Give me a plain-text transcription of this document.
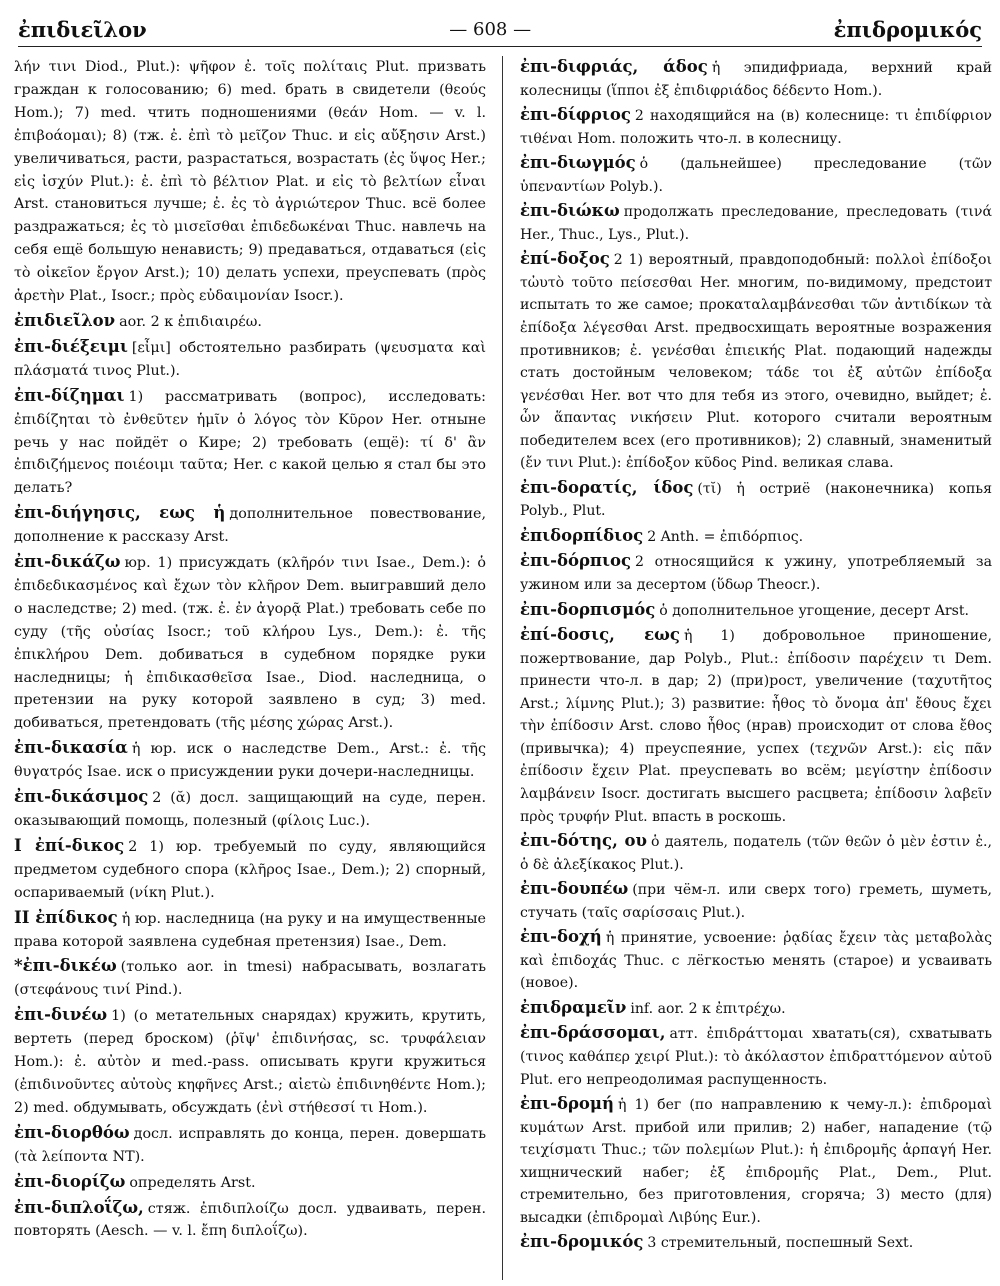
ἐπιδιεῖλον	— 608 —	ἐπιδρομικός
λήν τινι Diod., Plut.): ψῆφον ἐ. τοῖς πολίταις Plut. призвать граждан к голосованию; 6) med. брать в свидетели (θεούς Hom.); 7) med. чтить подношениями (θεάν Hom. — v. l. ἐπιβοάομαι); 8) (тж. ἐ. ἐπὶ τὸ μεῖζον Thuc. и εἰς αὔξησιν Arst.) увеличиваться, расти, разрастаться, возрастать (ἐς ὕψος Her.; εἰς ἰσχύν Plut.): ἐ. ἐπὶ τὸ βέλτιον Plat. и εἰς τὸ βελτίων εἶναι Arst. становиться лучше; ἐ. ἐς τὸ ἀγριώτερον Thuc. всё более раздражаться; ἐς τὸ μισεῖσθαι ἐπιδεδωκέναι Thuc. навлечь на себя ещё большую ненависть; 9) предаваться, отдаваться (εἰς τὸ οἰκεῖον ἔργον Arst.); 10) делать успехи, преуспевать (πρὸς ἀρετὴν Plat., Isocr.; πρὸς εὐδαιμονίαν Isocr.).
ἐπιδιεῖλον aor. 2 к ἐπιδιαιρέω.
ἐπι-διέξειμι [εἶμι] обстоятельно разбирать (ψευσματα καὶ πλάσματά τινος Plut.).
ἐπι-δίζημαι 1) рассматривать (вопрос), исследовать: ἐπιδίζηται τὸ ἐνθεῦτεν ἡμῖν ὁ λόγος τὸν Κῦρον Her. отныне речь у нас пойдёт о Кире; 2) требовать (ещё): τί δ' ἂν ἐπιδιζήμενος ποιέοιμι ταῦτα; Her. с какой целью я стал бы это делать?
ἐπι-διήγησις, εως ἡ дополнительное повествование, дополнение к рассказу Arst.
ἐπι-δικάζω юр. 1) присуждать (κλῆρόν τινι Isae., Dem.): ὁ ἐπιδεδικασμένος καὶ ἔχων τὸν κλῆρον Dem. выигравший дело о наследстве; 2) med. (тж. ἐ. ἐν ἀγορᾷ Plat.) требовать себе по суду (τῆς οὐσίας Isocr.; τοῦ κλήρου Lys., Dem.): ἐ. τῆς ἐπικλήρου Dem. добиваться в судебном порядке руки наследницы; ἡ ἐπιδικασθεῖσα Isae., Diod. наследница, о претензии на руку которой заявлено в суд; 3) med. добиваться, претендовать (τῆς μέσης χώρας Arst.).
ἐπι-δικασία ἡ юр. иск о наследстве Dem., Arst.: ἐ. τῆς θυγατρός Isae. иск о присуждении руки дочери-наследницы.
ἐπι-δικάσιμος 2 (ᾰ) досл. защищающий на суде, перен. оказывающий помощь, полезный (φίλοις Luc.).
I ἐπί-δικος 2 1) юр. требуемый по суду, являющийся предметом судебного спора (κλῆρος Isae., Dem.); 2) спорный, оспариваемый (νίκη Plut.).
II ἐπίδικος ἡ юр. наследница (на руку и на имущественные права которой заявлена судебная претензия) Isae., Dem.
*ἐπι-δικέω (только aor. in tmesi) набрасывать, возлагать (στεφάνους τινί Pind.).
ἐπι-δινέω 1) (о метательных снарядах) кружить, крутить, вертеть (перед броском) (ῥῖψ' ἐπιδινήσας, sc. τρυφάλειαν Hom.): ἐ. αὐτὸν и med.-pass. описывать круги кружиться (ἐπιδινοῦντες αὐτοὺς κηφῆνες Arst.; αἰετὼ ἐπιδινηθέντε Hom.); 2) med. обдумывать, обсуждать (ἐνὶ στήθεσσί τι Hom.).
ἐπι-διορθόω досл. исправлять до конца, перен. довершать (τὰ λείποντα NT).
ἐπι-διορίζω определять Arst.
ἐπι-διπλοΐζω, стяж. ἐπιδιπλοίζω досл. удваивать, перен. повторять (Aesch. — v. l. ἔπη διπλοΐζω).
ἐπι-διφριάς, άδος ἡ эпидифриада, верхний край колесницы (ἵπποι ἐξ ἐπιδιφριάδος δέδεντο Hom.).
ἐπι-δίφριος 2 находящийся на (в) колеснице: τι ἐπιδίφριον τιθέναι Hom. положить что-л. в колесницу.
ἐπι-διωγμός ὁ (дальнейшее) преследование (τῶν ὑπεναντίων Polyb.).
ἐπι-διώκω продолжать преследование, преследовать (τινά Her., Thuc., Lys., Plut.).
ἐπί-δοξος 2 1) вероятный, правдоподобный: πολλοὶ ἐπίδοξοι τὠυτὸ τοῦτο πείσεσθαι Her. многим, по-видимому, предстоит испытать то же самое; προκαταλαμβάνεσθαι τῶν ἀντιδίκων τὰ ἐπίδοξα λέγεσθαι Arst. предвосхищать вероятные возражения противников; ἐ. γενέσθαι ἐπιεικής Plat. подающий надежды стать достойным человеком; τάδε τοι ἐξ αὐτῶν ἐπίδοξα γενέσθαι Her. вот что для тебя из этого, очевидно, выйдет; ἐ. ὧν ἅπαντας νικήσειν Plut. которого считали вероятным победителем всех (его противников); 2) славный, знаменитый (ἔν τινι Plut.): ἐπίδοξον κῦδος Pind. великая слава.
ἐπι-δορατίς, ίδος (τῐ) ἡ остриё (наконечника) копья Polyb., Plut.
ἐπιδορπίδιος 2 Anth. = ἐπιδόρπιος.
ἐπι-δόρπιος 2 относящийся к ужину, употребляемый за ужином или за десертом (ὕδωρ Theocr.).
ἐπι-δορπισμός ὁ дополнительное угощение, десерт Arst.
ἐπί-δοσις, εως ἡ 1) добровольное приношение, пожертвование, дар Polyb., Plut.: ἐπίδοσιν παρέχειν τι Dem. принести что-л. в дар; 2) (при)рост, увеличение (ταχυτῆτος Arst.; λίμνης Plut.); 3) развитие: ἦθος τὸ ὄνομα ἀπ' ἔθους ἔχει τὴν ἐπίδοσιν Arst. слово ἦθος (нрав) происходит от слова ἔθος (привычка); 4) преуспеяние, успех (τεχνῶν Arst.): εἰς πᾶν ἐπίδοσιν ἔχειν Plat. преуспевать во всём; μεγίστην ἐπίδοσιν λαμβάνειν Isocr. достигать высшего расцвета; ἐπίδοσιν λαβεῖν πρὸς τρυφήν Plut. впасть в роскошь.
ἐπι-δότης, ου ὁ даятель, податель (τῶν θεῶν ὁ μὲν ἐστιν ἐ., ὁ δὲ ἀλεξίκακος Plut.).
ἐπι-δουπέω (при чём-л. или сверх того) греметь, шуметь, стучать (ταῖς σαρίσσαις Plut.).
ἐπι-δοχή ἡ принятие, усвоение: ῥᾳδίας ἔχειν τὰς μεταβολὰς καὶ ἐπιδοχάς Thuc. с лёгкостью менять (старое) и усваивать (новое).
ἐπιδραμεῖν inf. aor. 2 к ἐπιτρέχω.
ἐπι-δράσσομαι, атт. ἐπιδράττομαι хватать(ся), схватывать (τινος καθάπερ χειρί Plut.): τὸ ἀκόλαστον ἐπιδραττόμενον αὐτοῦ Plut. его непреодолимая распущенность.
ἐπι-δρομή ἡ 1) бег (по направлению к чему-л.): ἐπιδρομαὶ κυμάτων Arst. прибой или прилив; 2) набег, нападение (τῷ τειχίσματι Thuc.; τῶν πολεμίων Plut.): ἡ ἐπιδρομῆς ἁρπαγή Her. хищнический набег; ἐξ ἐπιδρομῆς Plat., Dem., Plut. стремительно, без приготовления, сгоряча; 3) место (для) высадки (ἐπιδρομαὶ Λιβύης Eur.).
ἐπι-δρομικός 3 стремительный, поспешный Sext.
